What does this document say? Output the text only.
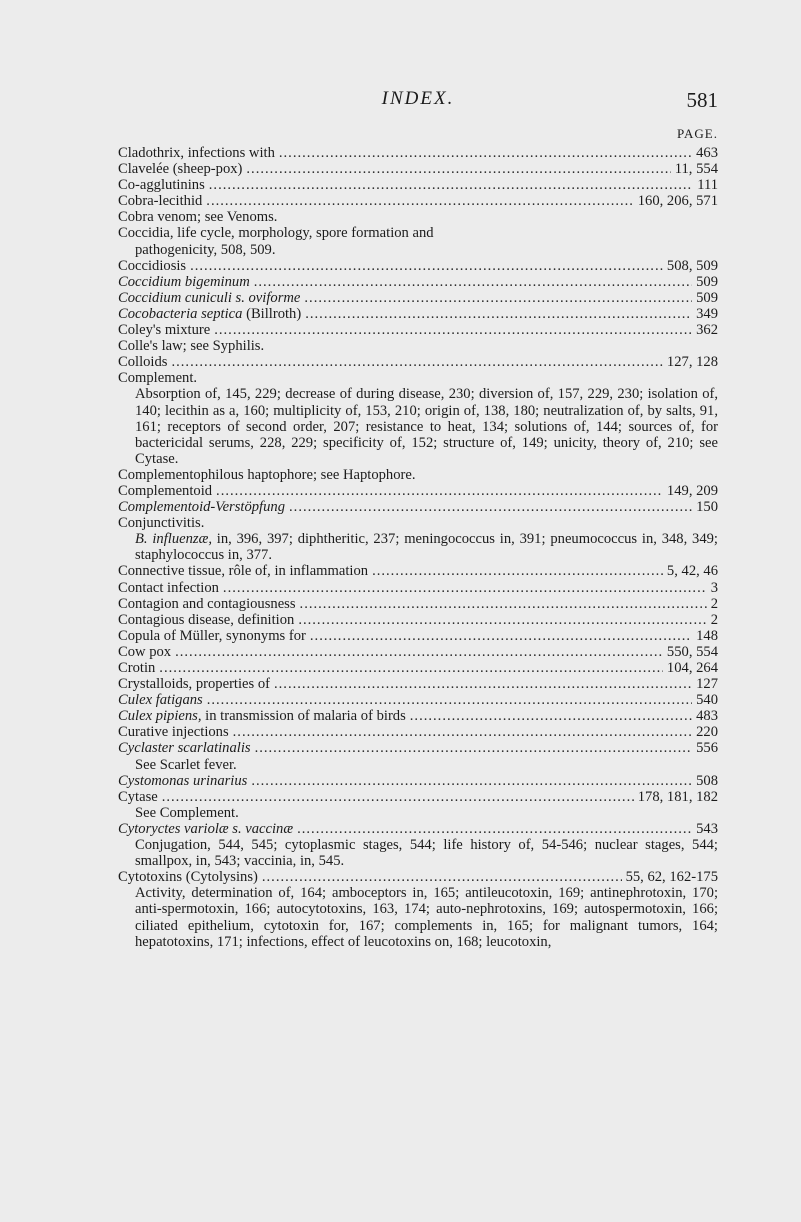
INDEX.	581
PAGE.
Cladothrix, infections with .....	463
Clavelée (sheep-pox) .....	11, 554
Co-agglutinins .....	111
Cobra-lecithid .....	160, 206, 571
Cobra venom; see Venoms.
Coccidia, life cycle, morphology, spore formation and
pathogenicity, 508, 509.
Coccidiosis .....	508, 509
Coccidium bigeminum .....	509
Coccidium cuniculi s. oviforme .....	509
Cocobacteria septica (Billroth) .....	349
Coley's mixture .....	362
Colle's law; see Syphilis.
Colloids .....	127, 128
Complement.
Absorption of, 145, 229; decrease of during disease, 230; diversion of, 157, 229, 230; isolation of, 140; lecithin as a, 160; multiplicity of, 153, 210; origin of, 138, 180; neutralization of, by salts, 91, 161; receptors of second order, 207; resistance to heat, 134; solutions of, 144; sources of, for bactericidal serums, 228, 229; specificity of, 152; structure of, 149; unicity, theory of, 210; see Cytase.
Complementophilous haptophore; see Haptophore.
Complementoid .....	149, 209
Complementoid-Verstöpfung .....	150
Conjunctivitis.
B. influenzæ, in, 396, 397; diphtheritic, 237; meningococcus in, 391; pneumococcus in, 348, 349; staphylococcus in, 377.
Connective tissue, rôle of, in inflammation .....	5, 42, 46
Contact infection .....	3
Contagion and contagiousness .....	2
Contagious disease, definition .....	2
Copula of Müller, synonyms for .....	148
Cow pox .....	550, 554
Crotin .....	104, 264
Crystalloids, properties of .....	127
Culex fatigans .....	540
Culex pipiens, in transmission of malaria of birds .....	483
Curative injections .....	220
Cyclaster scarlatinalis .....	556
See Scarlet fever.
Cystomonas urinarius .....	508
Cytase .....	178, 181, 182
See Complement.
Cytoryctes variolæ s. vaccinæ .....	543
Conjugation, 544, 545; cytoplasmic stages, 544; life history of, 54-546; nuclear stages, 544; smallpox, in, 543; vaccinia, in, 545.
Cytotoxins (Cytolysins) .....	55, 62, 162-175
Activity, determination of, 164; amboceptors in, 165; antileucotoxin, 169; antinephrotoxin, 170; anti-spermotoxin, 166; autocytotoxins, 163, 174; auto-nephrotoxins, 169; autospermotoxin, 166; ciliated epithelium, cytotoxin for, 167; complements in, 165; for malignant tumors, 164; hepatotoxins, 171; infections, effect of leucotoxins on, 168; leucotoxin,
